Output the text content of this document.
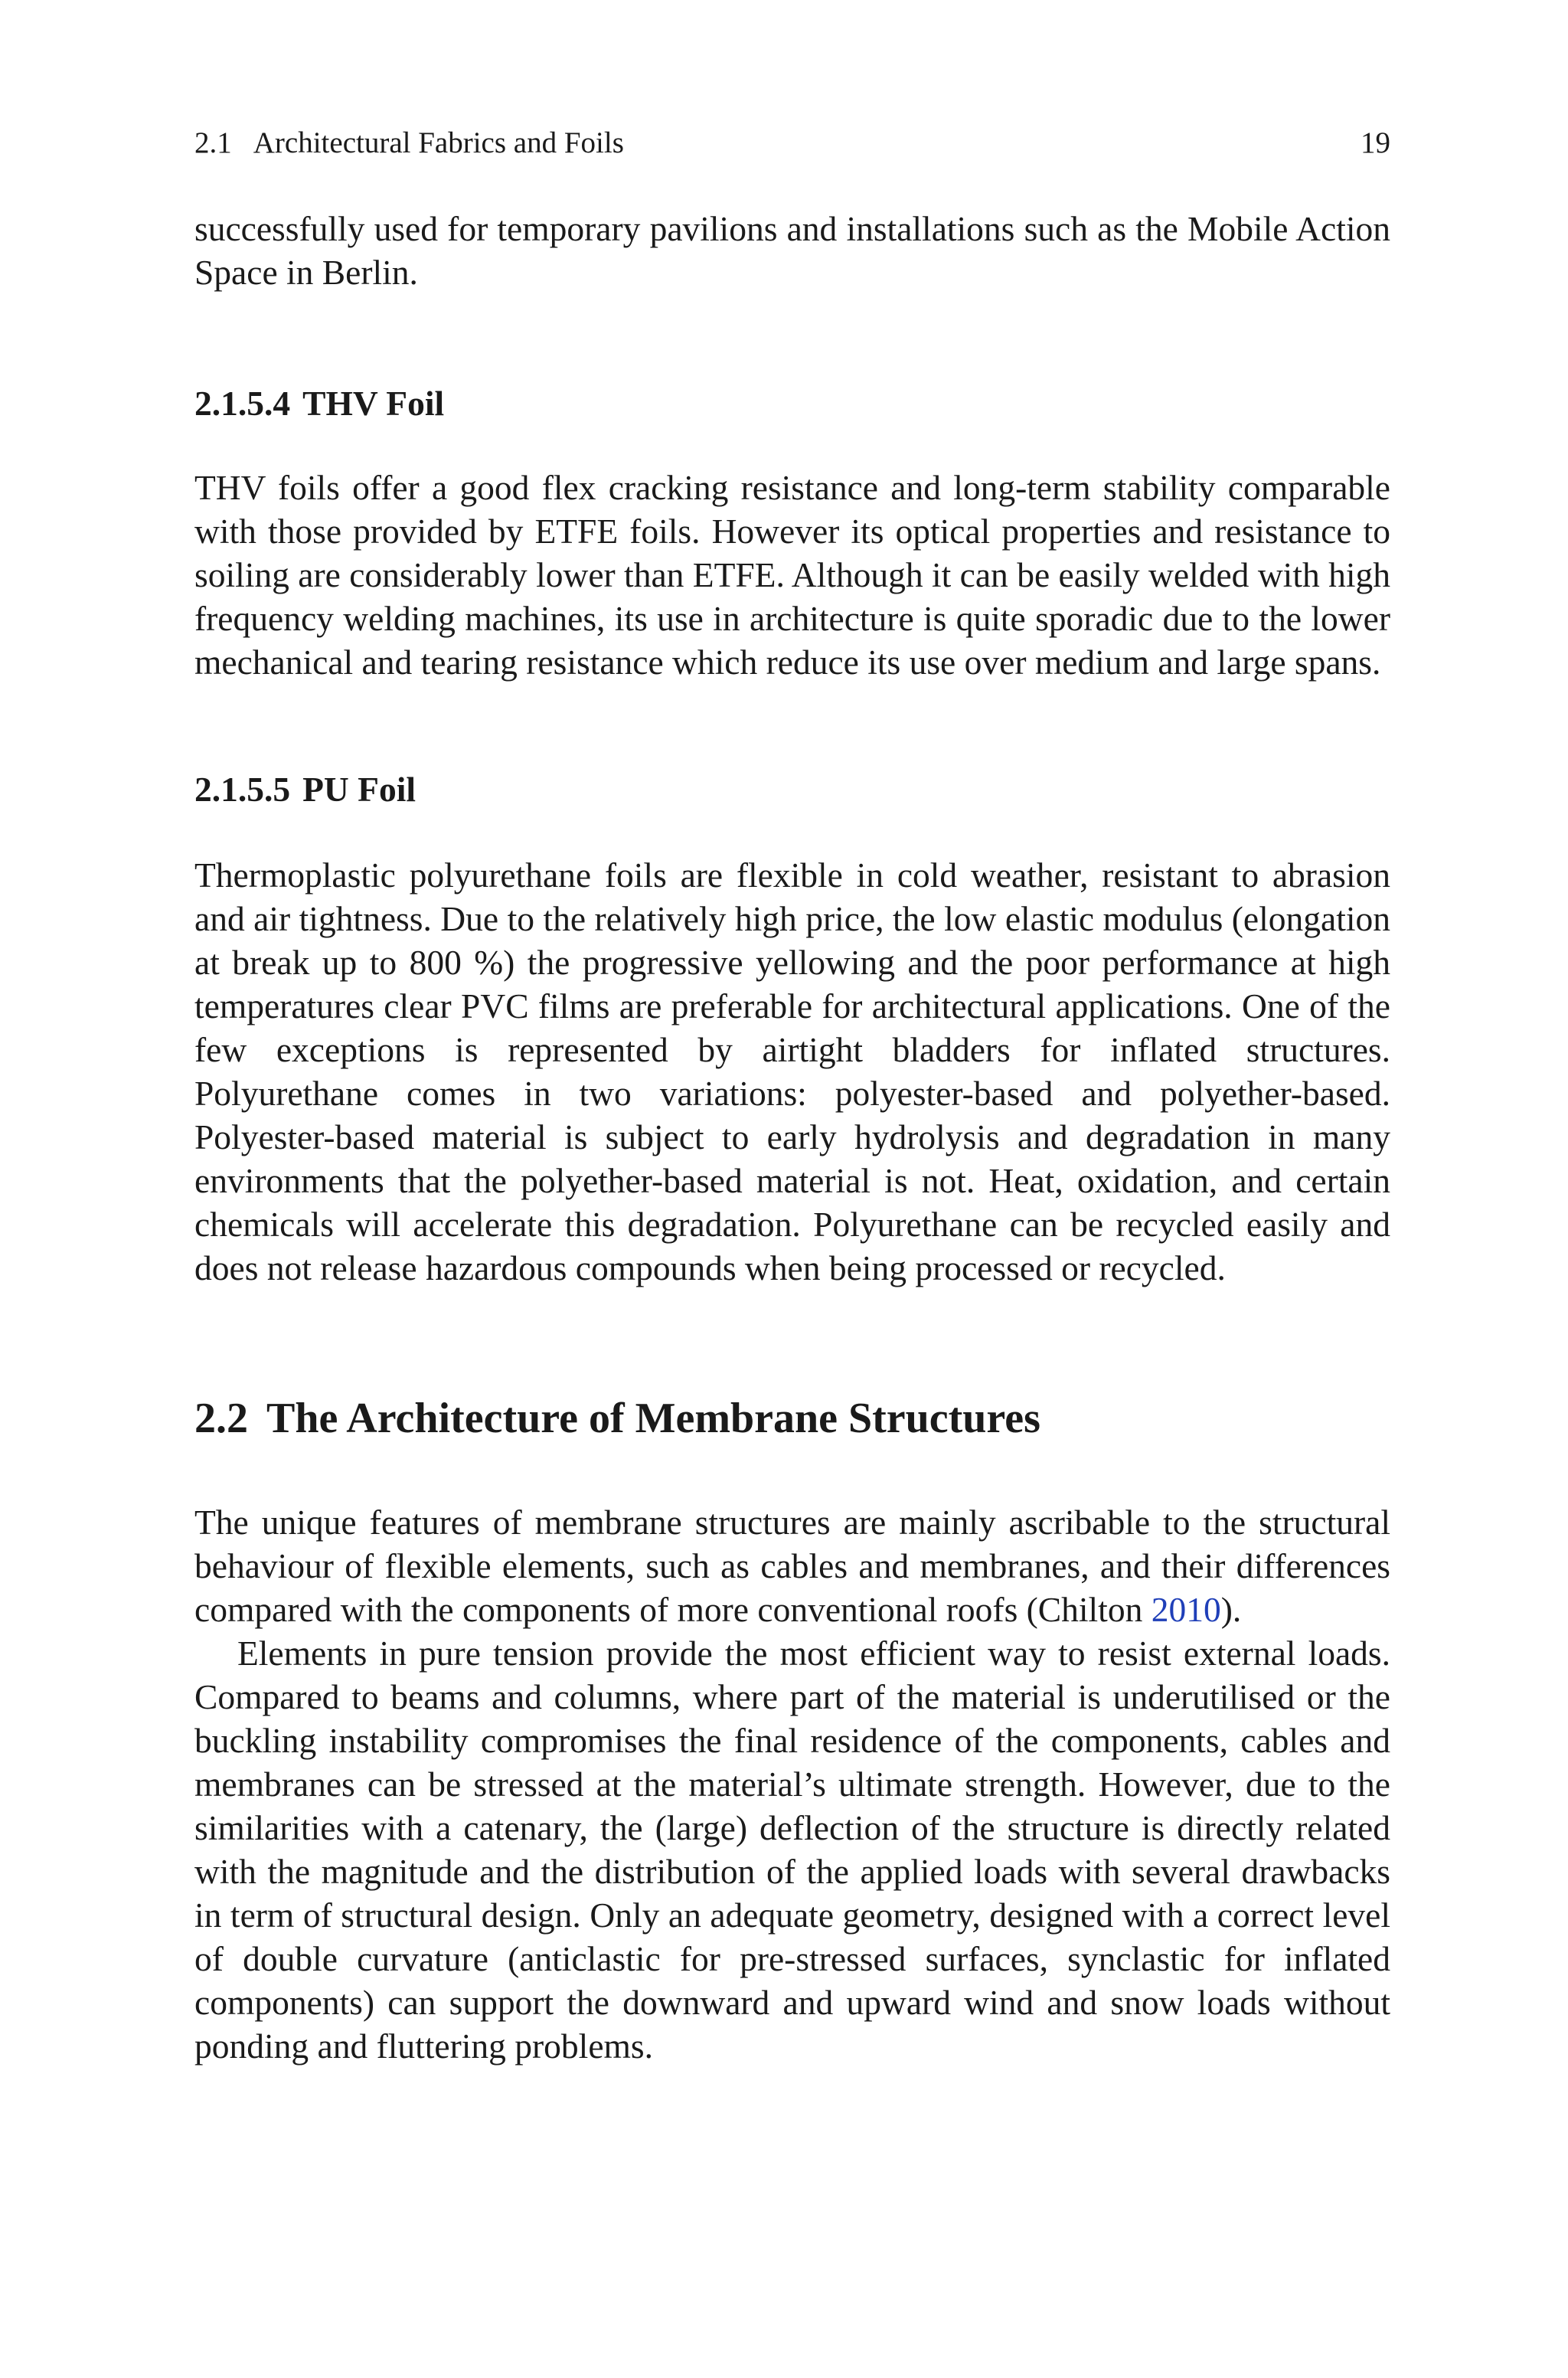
2.1 Architectural Fabrics and Foils	19

successfully used for temporary pavilions and installations such as the Mobile Action Space in Berlin.

2.1.5.4 THV Foil

THV foils offer a good flex cracking resistance and long-term stability comparable with those provided by ETFE foils. However its optical properties and resistance to soiling are considerably lower than ETFE. Although it can be easily welded with high frequency welding machines, its use in architecture is quite sporadic due to the lower mechanical and tearing resistance which reduce its use over medium and large spans.

2.1.5.5 PU Foil

Thermoplastic polyurethane foils are flexible in cold weather, resistant to abrasion and air tightness. Due to the relatively high price, the low elastic modulus (elongation at break up to 800 %) the progressive yellowing and the poor performance at high temperatures clear PVC films are preferable for architectural applications. One of the few exceptions is represented by airtight bladders for inflated structures. Polyurethane comes in two variations: polyester-based and polyether-based. Polyester-based material is subject to early hydrolysis and degradation in many environments that the polyether-based material is not. Heat, oxidation, and certain chemicals will accelerate this degradation. Polyurethane can be recycled easily and does not release hazardous compounds when being processed or recycled.

2.2 The Architecture of Membrane Structures

The unique features of membrane structures are mainly ascribable to the structural behaviour of flexible elements, such as cables and membranes, and their differences compared with the components of more conventional roofs (Chilton 2010).

Elements in pure tension provide the most efficient way to resist external loads. Compared to beams and columns, where part of the material is underutilised or the buckling instability compromises the final residence of the components, cables and membranes can be stressed at the material’s ultimate strength. However, due to the similarities with a catenary, the (large) deflection of the structure is directly related with the magnitude and the distribution of the applied loads with several drawbacks in term of structural design. Only an adequate geometry, designed with a correct level of double curvature (anticlastic for pre-stressed surfaces, synclastic for inflated components) can support the downward and upward wind and snow loads without ponding and fluttering problems.
